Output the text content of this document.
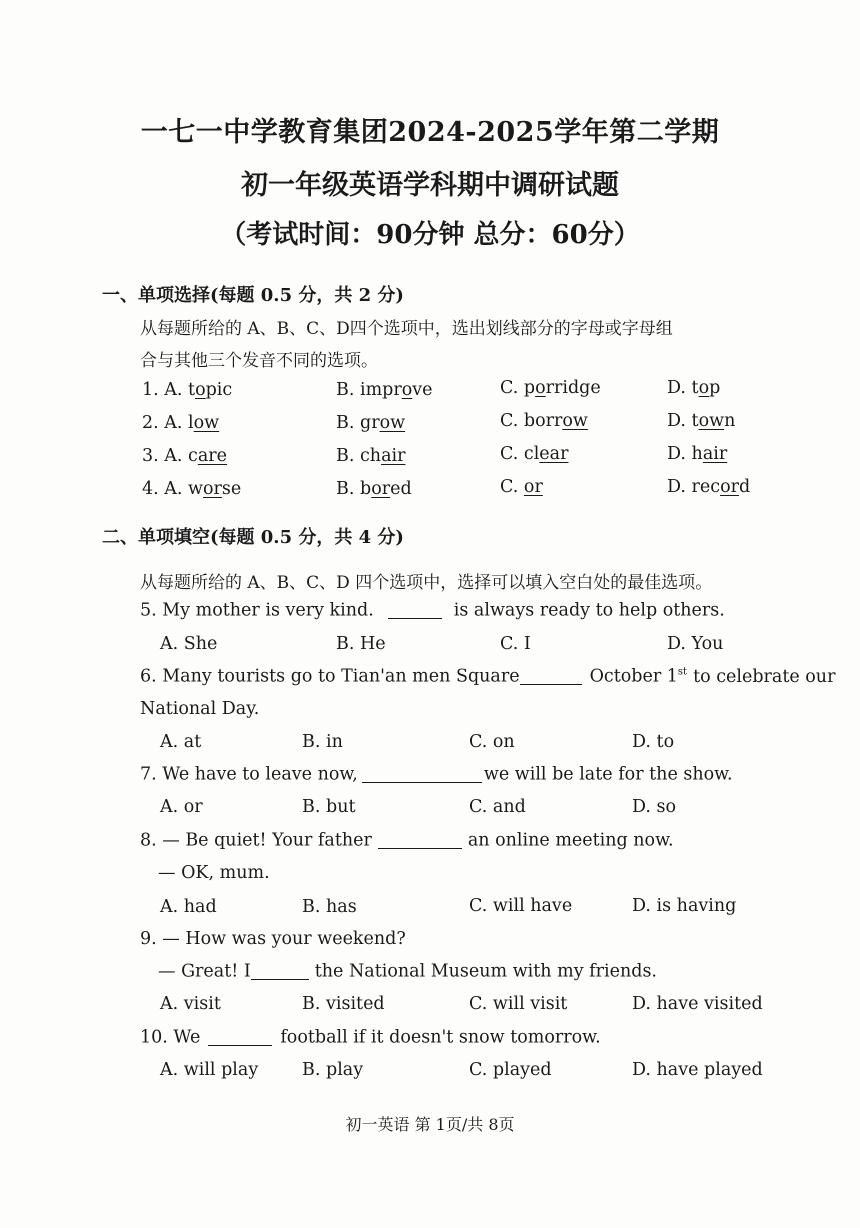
一七一中学教育集团2024-2025学年第二学期
初一年级英语学科期中调研试题
（考试时间：90分钟 总分：60分）
一、单项选择(每题 0.5 分，共 2 分)
从每题所给的 A、B、C、D四个选项中，选出划线部分的字母或字母组
合与其他三个发音不同的选项。
1. A. topic	B. improve	C. porridge	D. top
2. A. low	B. grow	C. borrow	D. town
3. A. care	B. chair	C. clear	D. hair
4. A. worse	B. bored	C. or	D. record
二、单项填空(每题 0.5 分，共 4 分)
从每题所给的 A、B、C、D 四个选项中，选择可以填入空白处的最佳选项。
5. My mother is very kind.	is always ready to help others.
A. She	B. He	C. I	D. You
6. Many tourists go to Tian'an men Square	October 1st to celebrate our
National Day.
A. at	B. in	C. on	D. to
7. We have to leave now,	we will be late for the show.
A. or	B. but	C. and	D. so
8. — Be quiet! Your father	an online meeting now.
— OK, mum.
A. had	B. has	C. will have	D. is having
9. — How was your weekend?
— Great! I	the National Museum with my friends.
A. visit	B. visited	C. will visit	D. have visited
10. We	football if it doesn't snow tomorrow.
A. will play	B. play	C. played	D. have played
初一英语 第 1页/共 8页
